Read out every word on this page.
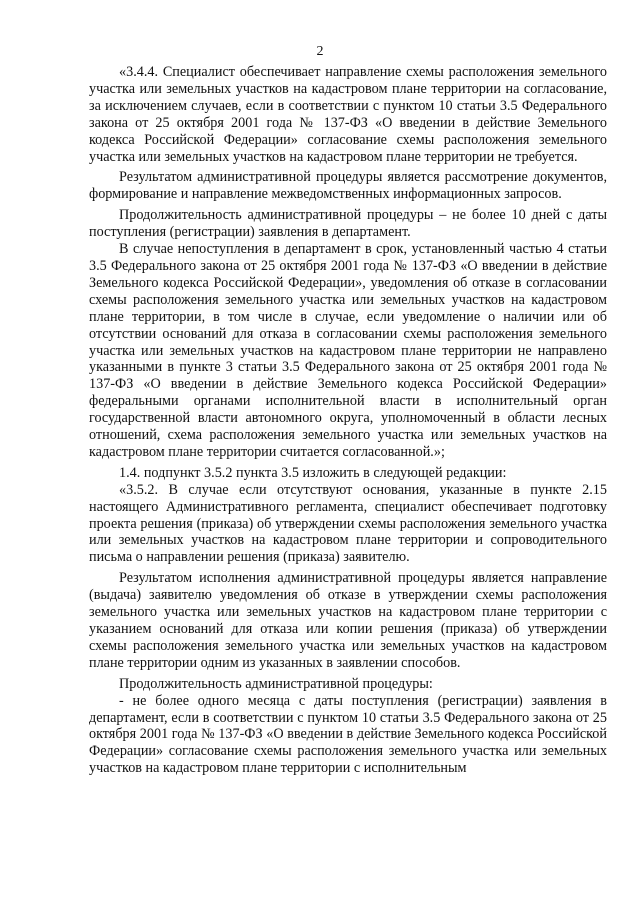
2

«3.4.4. Специалист обеспечивает направление схемы расположения земельного участка или земельных участков на кадастровом плане территории на согласование, за исключением случаев, если в соответствии с пунктом 10 статьи 3.5 Федерального закона от 25 октября 2001 года № 137-ФЗ «О введении в действие Земельного кодекса Российской Федерации» согласование схемы расположения земельного участка или земельных участков на кадастровом плане территории не требуется.

Результатом административной процедуры является рассмотрение документов, формирование и направление межведомственных информационных запросов.

Продолжительность административной процедуры – не более 10 дней с даты поступления (регистрации) заявления в департамент.

В случае непоступления в департамент в срок, установленный частью 4 статьи 3.5 Федерального закона от 25 октября 2001 года № 137-ФЗ «О введении в действие Земельного кодекса Российской Федерации», уведомления об отказе в согласовании схемы расположения земельного участка или земельных участков на кадастровом плане территории, в том числе в случае, если уведомление о наличии или об отсутствии оснований для отказа в согласовании схемы расположения земельного участка или земельных участков на кадастровом плане территории не направлено указанными в пункте 3 статьи 3.5 Федерального закона от 25 октября 2001 года № 137-ФЗ «О введении в действие Земельного кодекса Российской Федерации» федеральными органами исполнительной власти в исполнительный орган государственной власти автономного округа, уполномоченный в области лесных отношений, схема расположения земельного участка или земельных участков на кадастровом плане территории считается согласованной.»;

1.4. подпункт 3.5.2 пункта 3.5 изложить в следующей редакции:

«3.5.2. В случае если отсутствуют основания, указанные в пункте 2.15 настоящего Административного регламента, специалист обеспечивает подготовку проекта решения (приказа) об утверждении схемы расположения земельного участка или земельных участков на кадастровом плане территории и сопроводительного письма о направлении решения (приказа) заявителю.

Результатом исполнения административной процедуры является направление (выдача) заявителю уведомления об отказе в утверждении схемы расположения земельного участка или земельных участков на кадастровом плане территории с указанием оснований для отказа или копии решения (приказа) об утверждении схемы расположения земельного участка или земельных участков на кадастровом плане территории одним из указанных в заявлении способов.

Продолжительность административной процедуры:

- не более одного месяца с даты поступления (регистрации) заявления в департамент, если в соответствии с пунктом 10 статьи 3.5 Федерального закона от 25 октября 2001 года № 137-ФЗ «О введении в действие Земельного кодекса Российской Федерации» согласование схемы расположения земельного участка или земельных участков на кадастровом плане территории с исполнительным
